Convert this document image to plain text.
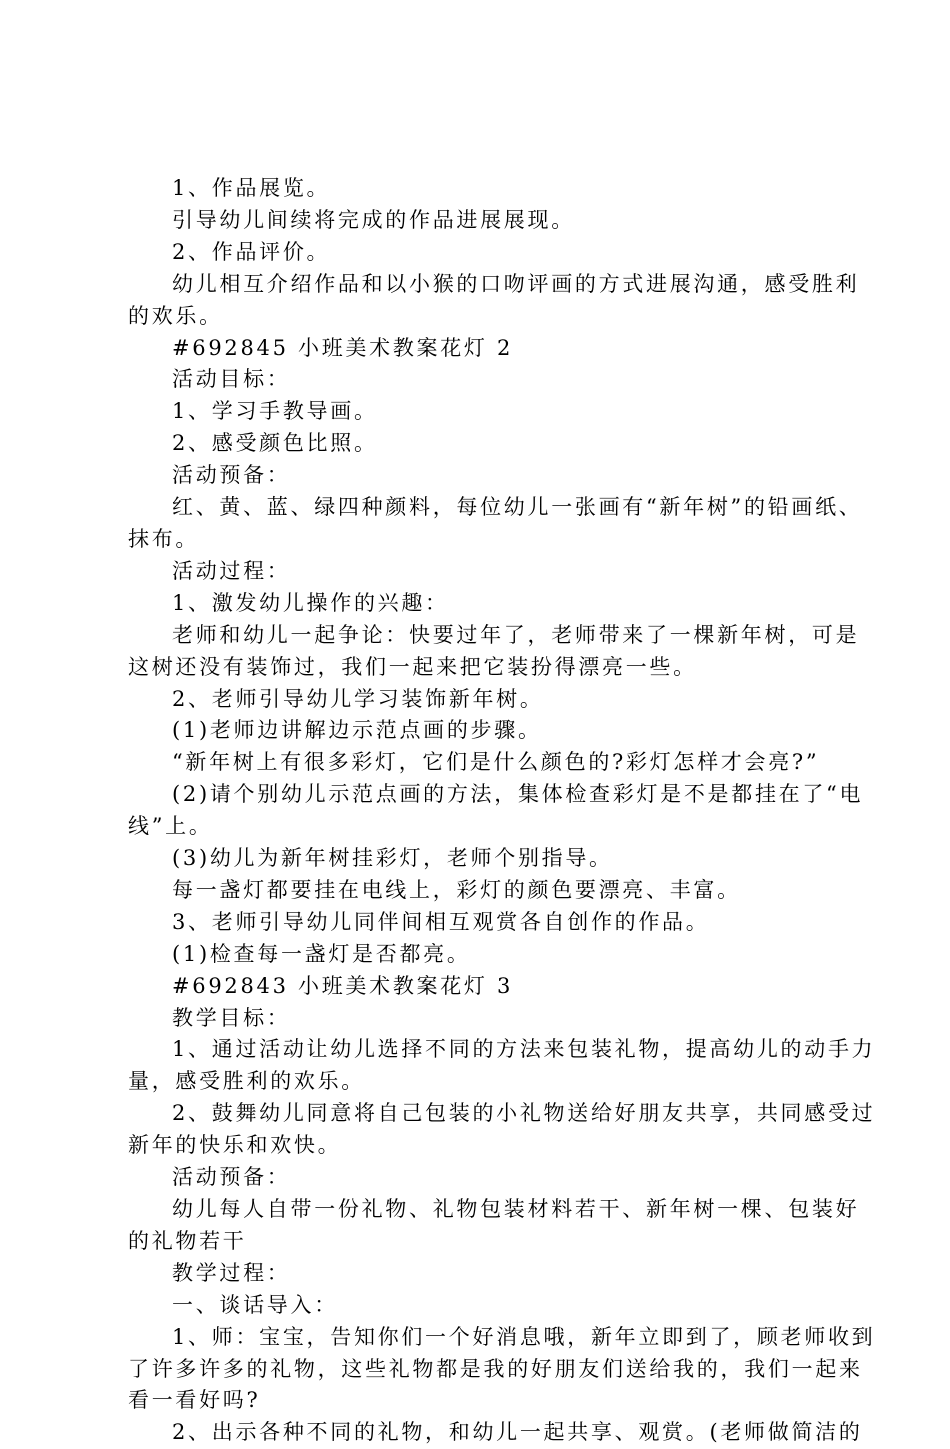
1、作品展览。

引导幼儿间续将完成的作品进展展现。

2、作品评价。

幼儿相互介绍作品和以小猴的口吻评画的方式进展沟通，感受胜利

的欢乐。

#692845 小班美术教案花灯 2

活动目标：

1、学习手教导画。

2、感受颜色比照。

活动预备：

红、黄、蓝、绿四种颜料，每位幼儿一张画有“新年树”的铅画纸、

抹布。

活动过程：

1、激发幼儿操作的兴趣：

老师和幼儿一起争论：快要过年了，老师带来了一棵新年树，可是

这树还没有装饰过，我们一起来把它装扮得漂亮一些。

2、老师引导幼儿学习装饰新年树。

(1)老师边讲解边示范点画的步骤。

“新年树上有很多彩灯，它们是什么颜色的?彩灯怎样才会亮?”

(2)请个别幼儿示范点画的方法，集体检查彩灯是不是都挂在了“电

线”上。

(3)幼儿为新年树挂彩灯，老师个别指导。

每一盏灯都要挂在电线上，彩灯的颜色要漂亮、丰富。

3、老师引导幼儿同伴间相互观赏各自创作的作品。

(1)检查每一盏灯是否都亮。

#692843 小班美术教案花灯 3

教学目标：

1、通过活动让幼儿选择不同的方法来包装礼物，提高幼儿的动手力

量，感受胜利的欢乐。

2、鼓舞幼儿同意将自己包装的小礼物送给好朋友共享，共同感受过

新年的快乐和欢快。

活动预备：

幼儿每人自带一份礼物、礼物包装材料若干、新年树一棵、包装好

的礼物若干

教学过程：

一、谈话导入：

1、师：宝宝，告知你们一个好消息哦，新年立即到了，顾老师收到

了许多许多的礼物，这些礼物都是我的好朋友们送给我的，我们一起来

看一看好吗?

2、出示各种不同的礼物，和幼儿一起共享、观赏。(老师做简洁的
